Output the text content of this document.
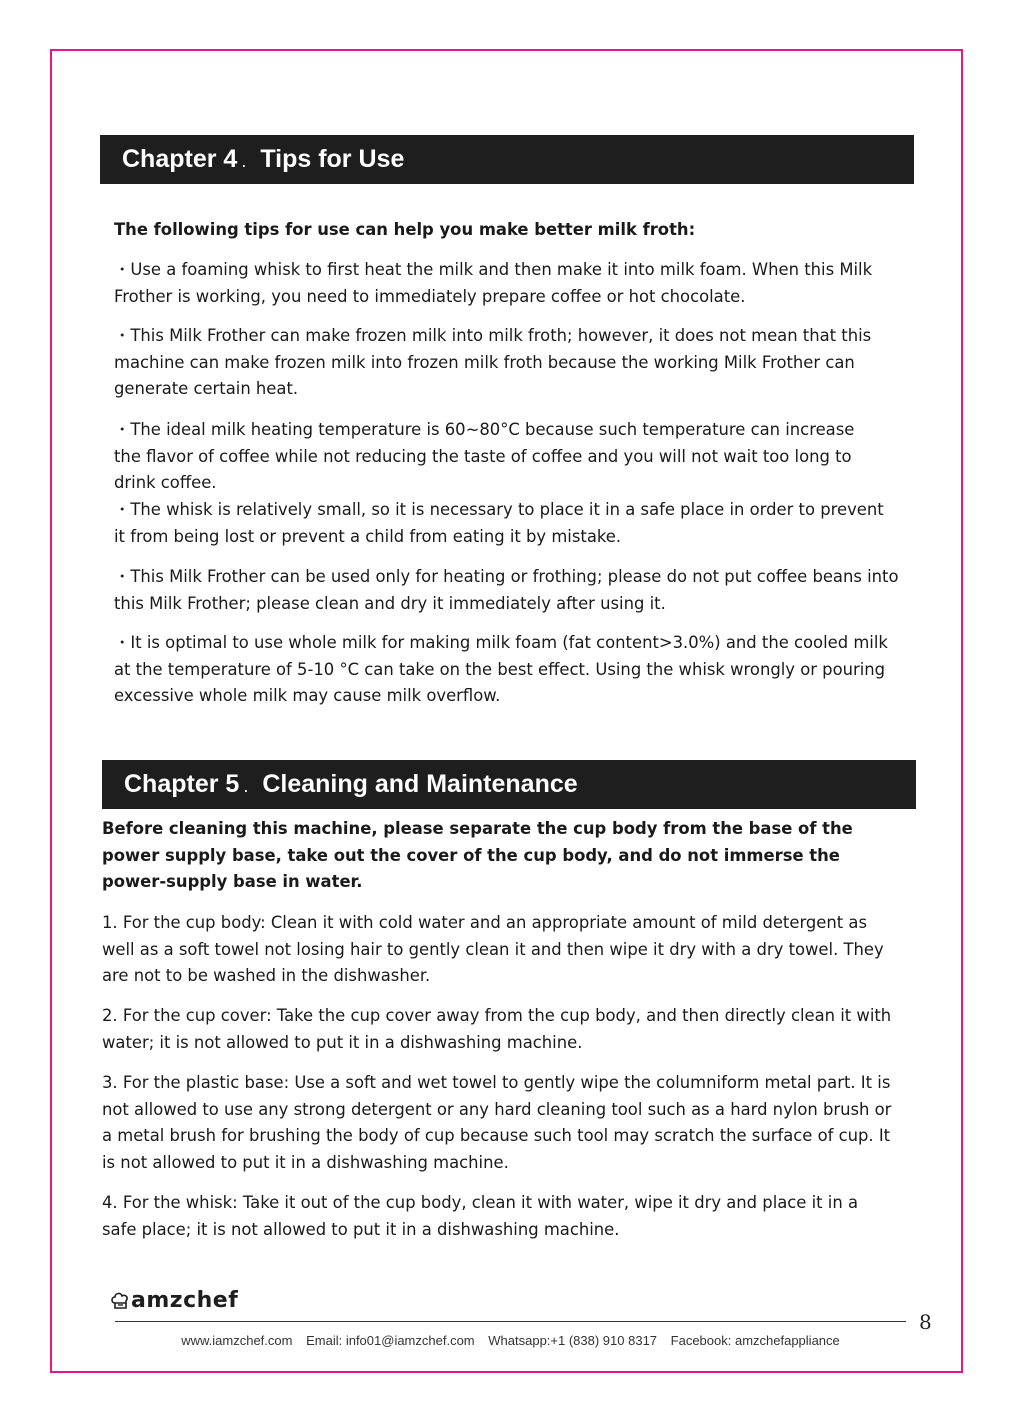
Chapter 4 . Tips for Use

The following tips for use can help you make better milk froth:

・Use a foaming whisk to first heat the milk and then make it into milk foam. When this Milk Frother is working, you need to immediately prepare coffee or hot chocolate.

・This Milk Frother can make frozen milk into milk froth; however, it does not mean that this machine can make frozen milk into frozen milk froth because the working Milk Frother can generate certain heat.

・The ideal milk heating temperature is 60~80°C because such temperature can increase the flavor of coffee while not reducing the taste of coffee and you will not wait too long to drink coffee.

・The whisk is relatively small, so it is necessary to place it in a safe place in order to prevent it from being lost or prevent a child from eating it by mistake.

・This Milk Frother can be used only for heating or frothing; please do not put coffee beans into this Milk Frother; please clean and dry it immediately after using it.

・It is optimal to use whole milk for making milk foam (fat content>3.0%) and the cooled milk at the temperature of 5-10 °C can take on the best effect. Using the whisk wrongly or pouring excessive whole milk may cause milk overflow.

Chapter 5 . Cleaning and Maintenance

Before cleaning this machine, please separate the cup body from the base of the power supply base, take out the cover of the cup body, and do not immerse the power-supply base in water.

1. For the cup body: Clean it with cold water and an appropriate amount of mild detergent as well as a soft towel not losing hair to gently clean it and then wipe it dry with a dry towel. They are not to be washed in the dishwasher.

2. For the cup cover: Take the cup cover away from the cup body, and then directly clean it with water; it is not allowed to put it in a dishwashing machine.

3. For the plastic base: Use a soft and wet towel to gently wipe the columniform metal part. It is not allowed to use any strong detergent or any hard cleaning tool such as a hard nylon brush or a metal brush for brushing the body of cup because such tool may scratch the surface of cup. It is not allowed to put it in a dishwashing machine.

4. For the whisk: Take it out of the cup body, clean it with water, wipe it dry and place it in a safe place; it is not allowed to put it in a dishwashing machine.

amzchef
8
www.iamzchef.com Email: info01@iamzchef.com Whatsapp:+1 (838) 910 8317 Facebook: amzchefappliance
